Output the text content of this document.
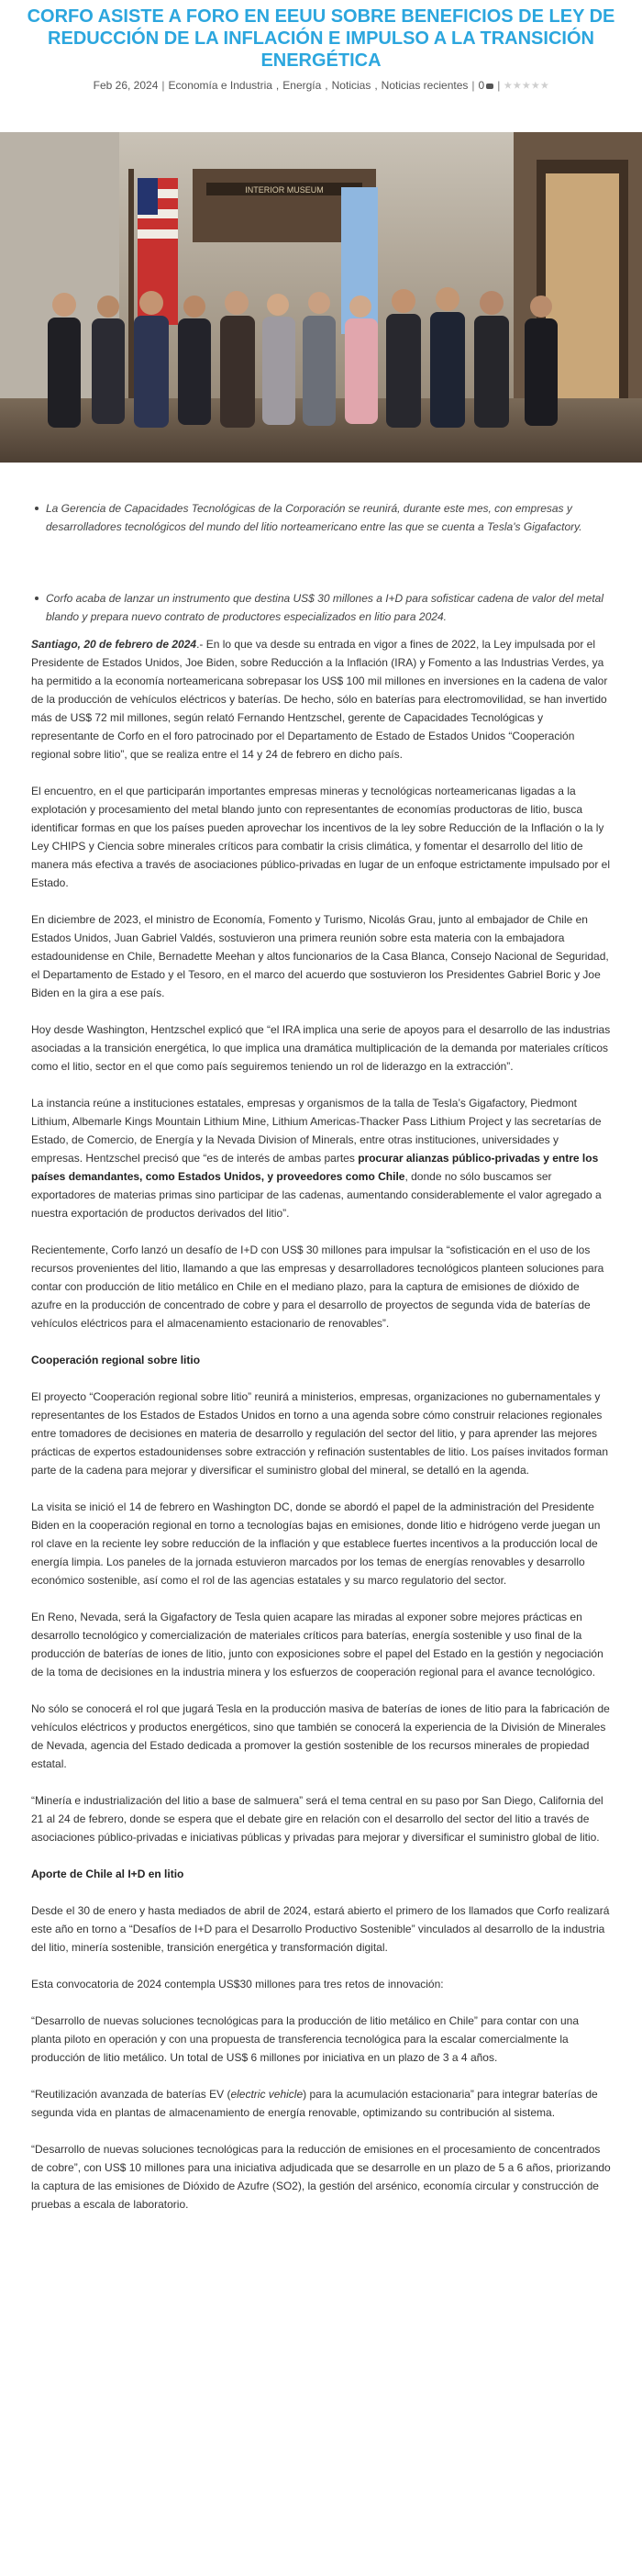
CORFO ASISTE A FORO EN EEUU SOBRE BENEFICIOS DE LEY DE REDUCCIÓN DE LA INFLACIÓN E IMPULSO A LA TRANSICIÓN ENERGÉTICA
Feb 26, 2024 | Economía e Industria , Energía , Noticias , Noticias recientes | 0	|
INTERIOR MUSEUM
La Gerencia de Capacidades Tecnológicas de la Corporación se reunirá, durante este mes, con empresas y desarrolladores tecnológicos del mundo del litio norteamericano entre las que se cuenta a Tesla's Gigafactory.
Corfo acaba de lanzar un instrumento que destina US$ 30 millones a I+D para sofisticar cadena de valor del metal blando y prepara nuevo contrato de productores especializados en litio para 2024.

Santiago, 20 de febrero de 2024.- En lo que va desde su entrada en vigor a fines de 2022, la Ley impulsada por el Presidente de Estados Unidos, Joe Biden, sobre Reducción a la Inflación (IRA) y Fomento a las Industrias Verdes, ya ha permitido a la economía norteamericana sobrepasar los US$ 100 mil millones en inversiones en la cadena de valor de la producción de vehículos eléctricos y baterías. De hecho, sólo en baterías para electromovilidad, se han invertido más de US$ 72 mil millones, según relató Fernando Hentzschel, gerente de Capacidades Tecnológicas y representante de Corfo en el foro patrocinado por el Departamento de Estado de Estados Unidos “Cooperación regional sobre litio”, que se realiza entre el 14 y 24 de febrero en dicho país.

El encuentro, en el que participarán importantes empresas mineras y tecnológicas norteamericanas ligadas a la explotación y procesamiento del metal blando junto con representantes de economías productoras de litio, busca identificar formas en que los países pueden aprovechar los incentivos de la ley sobre Reducción de la Inflación o la ly Ley CHIPS y Ciencia sobre minerales críticos para combatir la crisis climática, y fomentar el desarrollo del litio de manera más efectiva a través de asociaciones público-privadas en lugar de un enfoque estrictamente impulsado por el Estado.

En diciembre de 2023, el ministro de Economía, Fomento y Turismo, Nicolás Grau, junto al embajador de Chile en Estados Unidos, Juan Gabriel Valdés, sostuvieron una primera reunión sobre esta materia con la embajadora estadounidense en Chile, Bernadette Meehan y altos funcionarios de la Casa Blanca, Consejo Nacional de Seguridad, el Departamento de Estado y el Tesoro, en el marco del acuerdo que sostuvieron los Presidentes Gabriel Boric y Joe Biden en la gira a ese país.

Hoy desde Washington, Hentzschel explicó que “el IRA implica una serie de apoyos para el desarrollo de las industrias asociadas a la transición energética, lo que implica una dramática multiplicación de la demanda por materiales críticos como el litio, sector en el que como país seguiremos teniendo un rol de liderazgo en la extracción”.

La instancia reúne a instituciones estatales, empresas y organismos de la talla de Tesla’s Gigafactory, Piedmont Lithium, Albemarle Kings Mountain Lithium Mine, Lithium Americas-Thacker Pass Lithium Project y las secretarías de Estado, de Comercio, de Energía y la Nevada Division of Minerals, entre otras instituciones, universidades y empresas. Hentzschel precisó que “es de interés de ambas partes procurar alianzas público-privadas y entre los países demandantes, como Estados Unidos, y proveedores como Chile, donde no sólo buscamos ser exportadores de materias primas sino participar de las cadenas, aumentando considerablemente el valor agregado a nuestra exportación de productos derivados del litio”.

Recientemente, Corfo lanzó un desafío de I+D con US$ 30 millones para impulsar la “sofisticación en el uso de los recursos provenientes del litio, llamando a que las empresas y desarrolladores tecnológicos planteen soluciones para contar con producción de litio metálico en Chile en el mediano plazo, para la captura de emisiones de dióxido de azufre en la producción de concentrado de cobre y para el desarrollo de proyectos de segunda vida de baterías de vehículos eléctricos para el almacenamiento estacionario de renovables”.

Cooperación regional sobre litio

El proyecto “Cooperación regional sobre litio” reunirá a ministerios, empresas, organizaciones no gubernamentales y representantes de los Estados de Estados Unidos en torno a una agenda sobre cómo construir relaciones regionales entre tomadores de decisiones en materia de desarrollo y regulación del sector del litio, y para aprender las mejores prácticas de expertos estadounidenses sobre extracción y refinación sustentables de litio. Los países invitados forman parte de la cadena para mejorar y diversificar el suministro global del mineral, se detalló en la agenda.

La visita se inició el 14 de febrero en Washington DC, donde se abordó el papel de la administración del Presidente Biden en la cooperación regional en torno a tecnologías bajas en emisiones, donde litio e hidrógeno verde juegan un rol clave en la reciente ley sobre reducción de la inflación y que establece fuertes incentivos a la producción local de energía limpia. Los paneles de la jornada estuvieron marcados por los temas de energías renovables y desarrollo económico sostenible, así como el rol de las agencias estatales y su marco regulatorio del sector.

En Reno, Nevada, será la Gigafactory de Tesla quien acapare las miradas al exponer sobre mejores prácticas en desarrollo tecnológico y comercialización de materiales críticos para baterías, energía sostenible y uso final de la producción de baterías de iones de litio, junto con exposiciones sobre el papel del Estado en la gestión y negociación de la toma de decisiones en la industria minera y los esfuerzos de cooperación regional para el avance tecnológico.

No sólo se conocerá el rol que jugará Tesla en la producción masiva de baterías de iones de litio para la fabricación de vehículos eléctricos y productos energéticos, sino que también se conocerá la experiencia de la División de Minerales de Nevada, agencia del Estado dedicada a promover la gestión sostenible de los recursos minerales de propiedad estatal.

“Minería e industrialización del litio a base de salmuera” será el tema central en su paso por San Diego, California del 21 al 24 de febrero, donde se espera que el debate gire en relación con el desarrollo del sector del litio a través de asociaciones público-privadas e iniciativas públicas y privadas para mejorar y diversificar el suministro global de litio.

Aporte de Chile al I+D en litio

Desde el 30 de enero y hasta mediados de abril de 2024, estará abierto el primero de los llamados que Corfo realizará este año en torno a “Desafíos de I+D para el Desarrollo Productivo Sostenible” vinculados al desarrollo de la industria del litio, minería sostenible, transición energética y transformación digital.

Esta convocatoria de 2024 contempla US$30 millones para tres retos de innovación:

“Desarrollo de nuevas soluciones tecnológicas para la producción de litio metálico en Chile” para contar con una planta piloto en operación y con una propuesta de transferencia tecnológica para la escalar comercialmente la producción de litio metálico. Un total de US$ 6 millones por iniciativa en un plazo de 3 a 4 años.

“Reutilización avanzada de baterías EV (electric vehicle) para la acumulación estacionaria” para integrar baterías de segunda vida en plantas de almacenamiento de energía renovable, optimizando su contribución al sistema.

“Desarrollo de nuevas soluciones tecnológicas para la reducción de emisiones en el procesamiento de concentrados de cobre”, con US$ 10 millones para una iniciativa adjudicada que se desarrolle en un plazo de 5 a 6 años, priorizando la captura de las emisiones de Dióxido de Azufre (SO2), la gestión del arsénico, economía circular y construcción de pruebas a escala de laboratorio.
